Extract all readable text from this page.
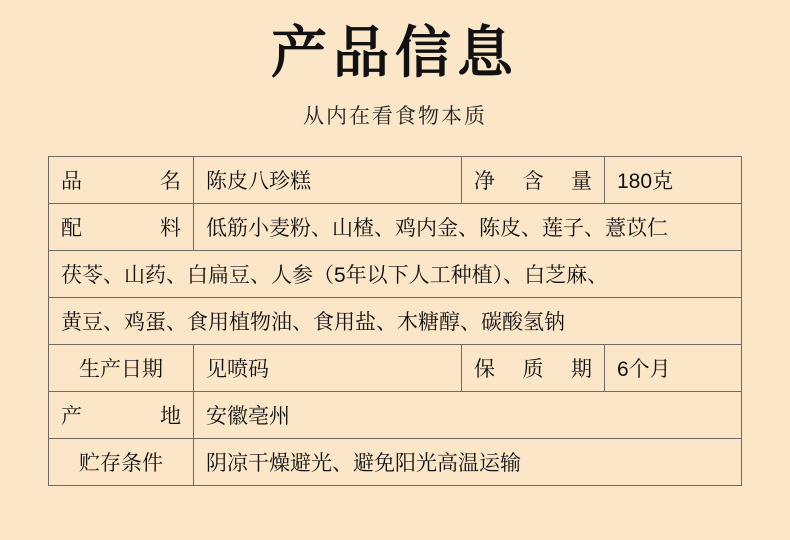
产品信息
从内在看食物本质
品　名	陈皮八珍糕	净 含 量	180克
配　料	低筋小麦粉、山楂、鸡内金、陈皮、莲子、薏苡仁		
茯苓、山药、白扁豆、人参（5年以下人工种植）、白芝麻、			
黄豆、鸡蛋、食用植物油、食用盐、木糖醇、碳酸氢钠			
生产日期	见喷码	保 质 期	6个月
产　地	安徽亳州		
贮存条件	阴凉干燥避光、避免阳光高温运输		
